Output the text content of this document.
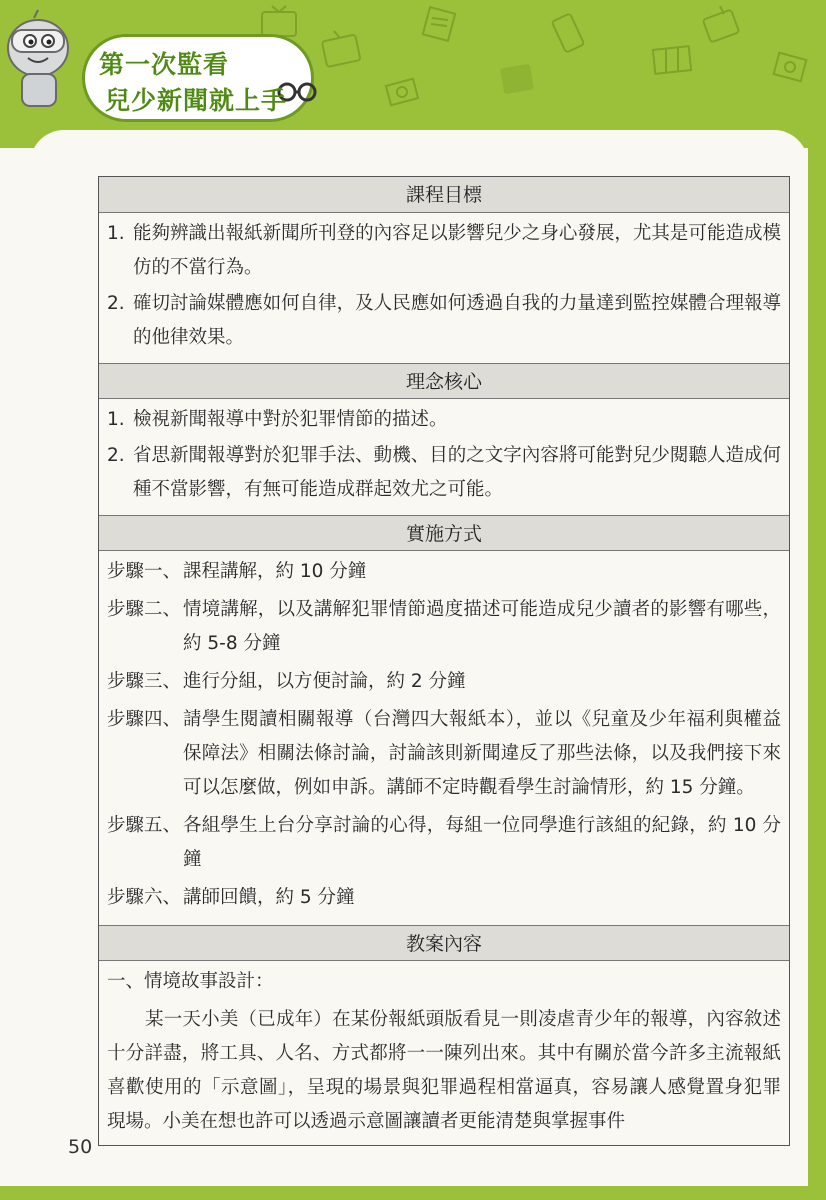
第一次監看
兒少新聞就上手
課程目標
1. 能夠辨識出報紙新聞所刊登的內容足以影響兒少之身心發展，尤其是可能造成模仿的不當行為。
2. 確切討論媒體應如何自律，及人民應如何透過自我的力量達到監控媒體合理報導的他律效果。
理念核心
1. 檢視新聞報導中對於犯罪情節的描述。
2. 省思新聞報導對於犯罪手法、動機、目的之文字內容將可能對兒少閱聽人造成何種不當影響，有無可能造成群起效尤之可能。
實施方式
步驟一、 課程講解，約 10 分鐘
步驟二、 情境講解，以及講解犯罪情節過度描述可能造成兒少讀者的影響有哪些，約 5-8 分鐘
步驟三、 進行分組，以方便討論，約 2 分鐘
步驟四、 請學生閱讀相關報導（台灣四大報紙本），並以《兒童及少年福利與權益保障法》相關法條討論，討論該則新聞違反了那些法條，以及我們接下來可以怎麼做，例如申訴。講師不定時觀看學生討論情形，約 15 分鐘。
步驟五、 各組學生上台分享討論的心得，每組一位同學進行該組的紀錄，約 10 分鐘
步驟六、 講師回饋，約 5 分鐘
教案內容
一、情境故事設計：
某一天小美（已成年）在某份報紙頭版看見一則凌虐青少年的報導，內容敘述十分詳盡，將工具、人名、方式都將一一陳列出來。其中有關於當今許多主流報紙喜歡使用的「示意圖」，呈現的場景與犯罪過程相當逼真，容易讓人感覺置身犯罪現場。小美在想也許可以透過示意圖讓讀者更能清楚與掌握事件
50
